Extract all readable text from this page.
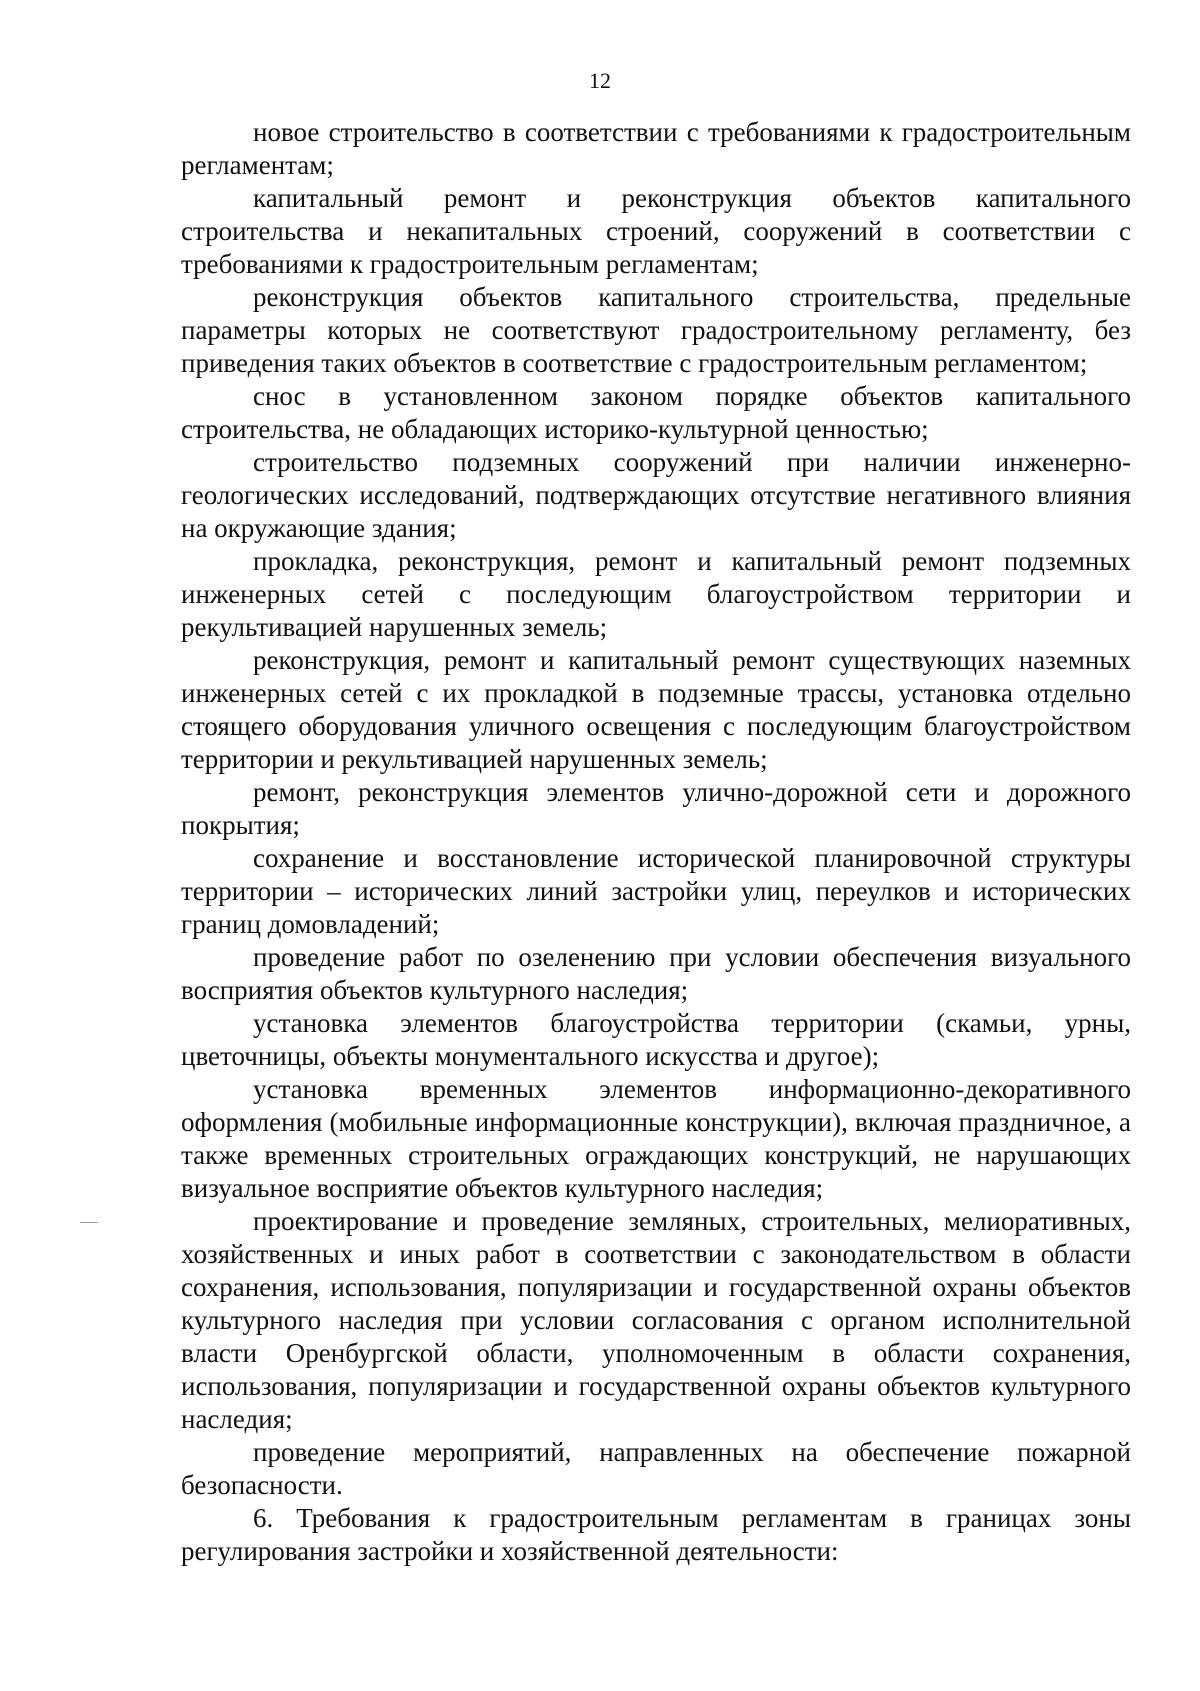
12

новое строительство в соответствии с требованиями к градостроительным регламентам;

капитальный ремонт и реконструкция объектов капитального строительства и некапитальных строений, сооружений в соответствии с требованиями к градостроительным регламентам;

реконструкция объектов капитального строительства, предельные параметры которых не соответствуют градостроительному регламенту, без приведения таких объектов в соответствие с градостроительным регламентом;

снос в установленном законом порядке объектов капитального строительства, не обладающих историко-культурной ценностью;

строительство подземных сооружений при наличии инженерно-геологических исследований, подтверждающих отсутствие негативного влияния на окружающие здания;

прокладка, реконструкция, ремонт и капитальный ремонт подземных инженерных сетей с последующим благоустройством территории и рекультивацией нарушенных земель;

реконструкция, ремонт и капитальный ремонт существующих наземных инженерных сетей с их прокладкой в подземные трассы, установка отдельно стоящего оборудования уличного освещения с последующим благоустройством территории и рекультивацией нарушенных земель;

ремонт, реконструкция элементов улично-дорожной сети и дорожного покрытия;

сохранение и восстановление исторической планировочной структуры территории – исторических линий застройки улиц, переулков и исторических границ домовладений;

проведение работ по озеленению при условии обеспечения визуального восприятия объектов культурного наследия;

установка элементов благоустройства территории (скамьи, урны, цветочницы, объекты монументального искусства и другое);

установка временных элементов информационно-декоративного оформления (мобильные информационные конструкции), включая праздничное, а также временных строительных ограждающих конструкций, не нарушающих визуальное восприятие объектов культурного наследия;

проектирование и проведение земляных, строительных, мелиоративных, хозяйственных и иных работ в соответствии с законодательством в области сохранения, использования, популяризации и государственной охраны объектов культурного наследия при условии согласования с органом исполнительной власти Оренбургской области, уполномоченным в области сохранения, использования, популяризации и государственной охраны объектов культурного наследия;

проведение мероприятий, направленных на обеспечение пожарной безопасности.

6. Требования к градостроительным регламентам в границах зоны регулирования застройки и хозяйственной деятельности:
